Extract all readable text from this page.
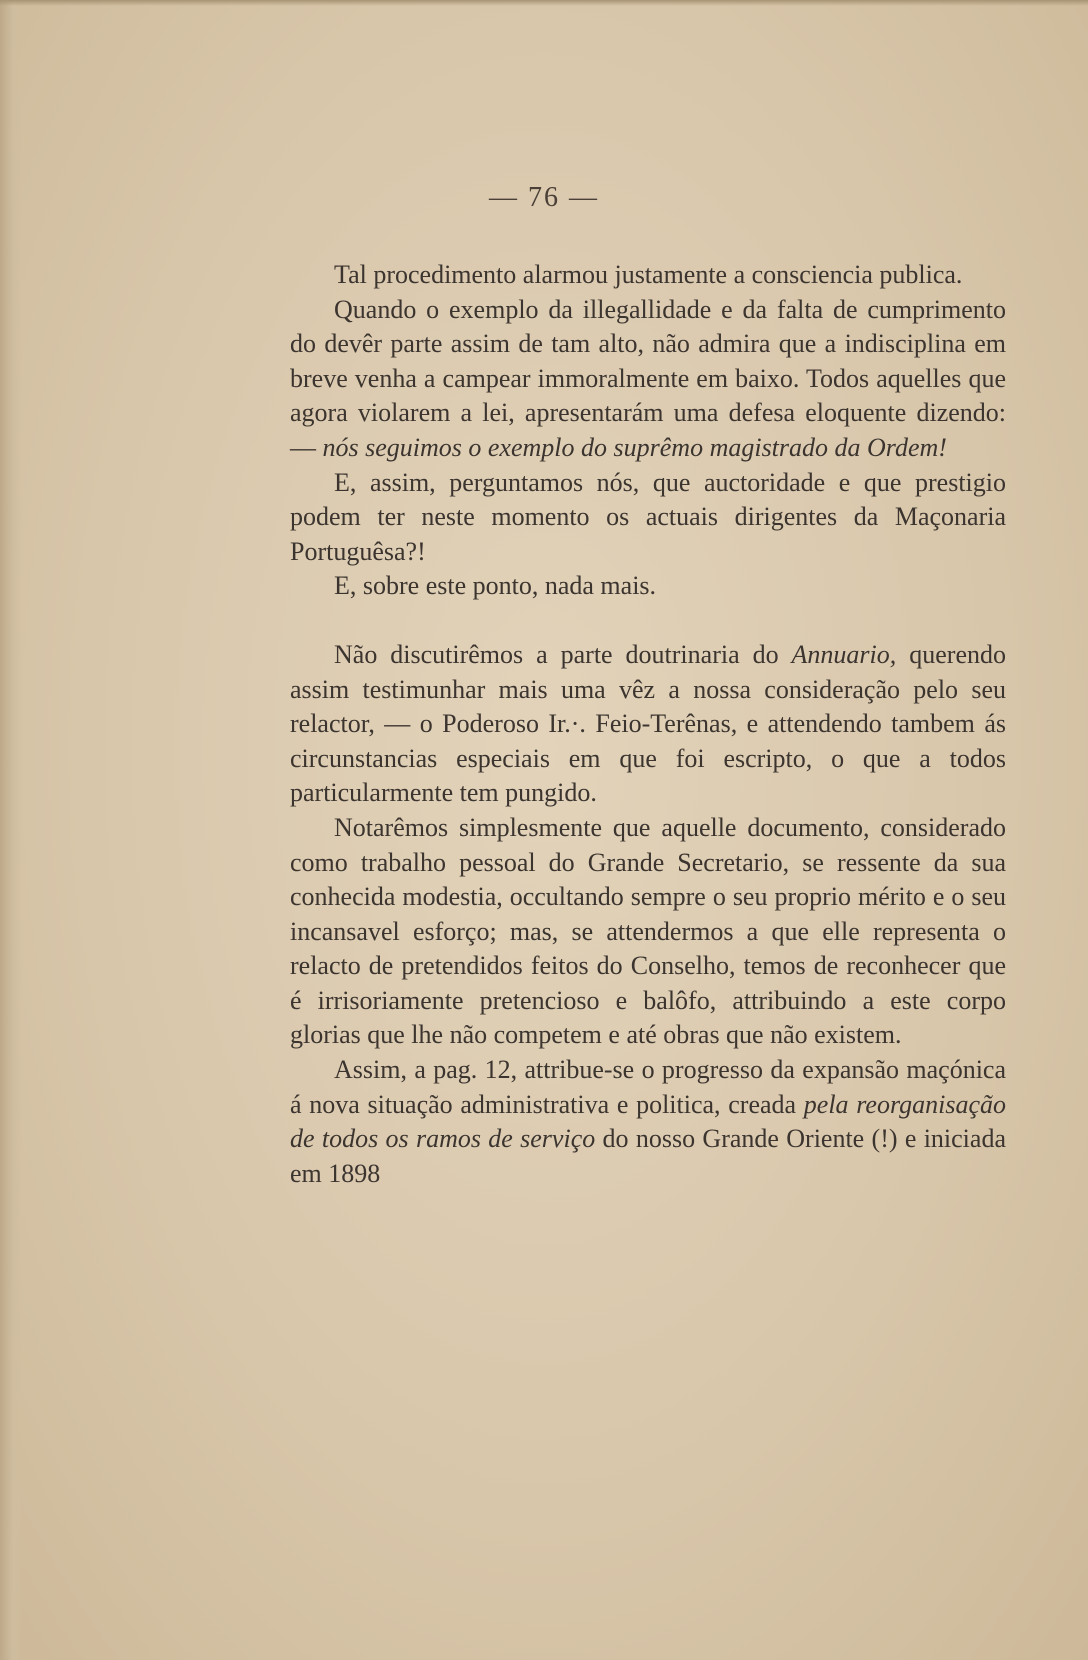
— 76 —

Tal procedimento alarmou justamente a consciencia publica.

Quando o exemplo da illegallidade e da falta de cumprimento do devêr parte assim de tam alto, não admira que a indisciplina em breve venha a campear immoralmente em baixo. Todos aquelles que agora violarem a lei, apresentarám uma defesa eloquente dizendo: — nós seguimos o exemplo do suprêmo magistrado da Ordem!

E, assim, perguntamos nós, que auctoridade e que prestigio podem ter neste momento os actuais dirigentes da Maçonaria Portuguêsa?!

E, sobre este ponto, nada mais.

Não discutirêmos a parte doutrinaria do Annuario, querendo assim testimunhar mais uma vêz a nossa consideração pelo seu relactor, — o Poderoso Ir.·. Feio-Terênas, e attendendo tambem ás circunstancias especiais em que foi escripto, o que a todos particularmente tem pungido.

Notarêmos simplesmente que aquelle documento, considerado como trabalho pessoal do Grande Secretario, se ressente da sua conhecida modestia, occultando sempre o seu proprio mérito e o seu incansavel esforço; mas, se attendermos a que elle representa o relacto de pretendidos feitos do Conselho, temos de reconhecer que é irrisoriamente pretencioso e balôfo, attribuindo a este corpo glorias que lhe não competem e até obras que não existem.

Assim, a pag. 12, attribue-se o progresso da expansão maçónica á nova situação administrativa e politica, creada pela reorganisação de todos os ramos de serviço do nosso Grande Oriente (!) e iniciada em 1898
